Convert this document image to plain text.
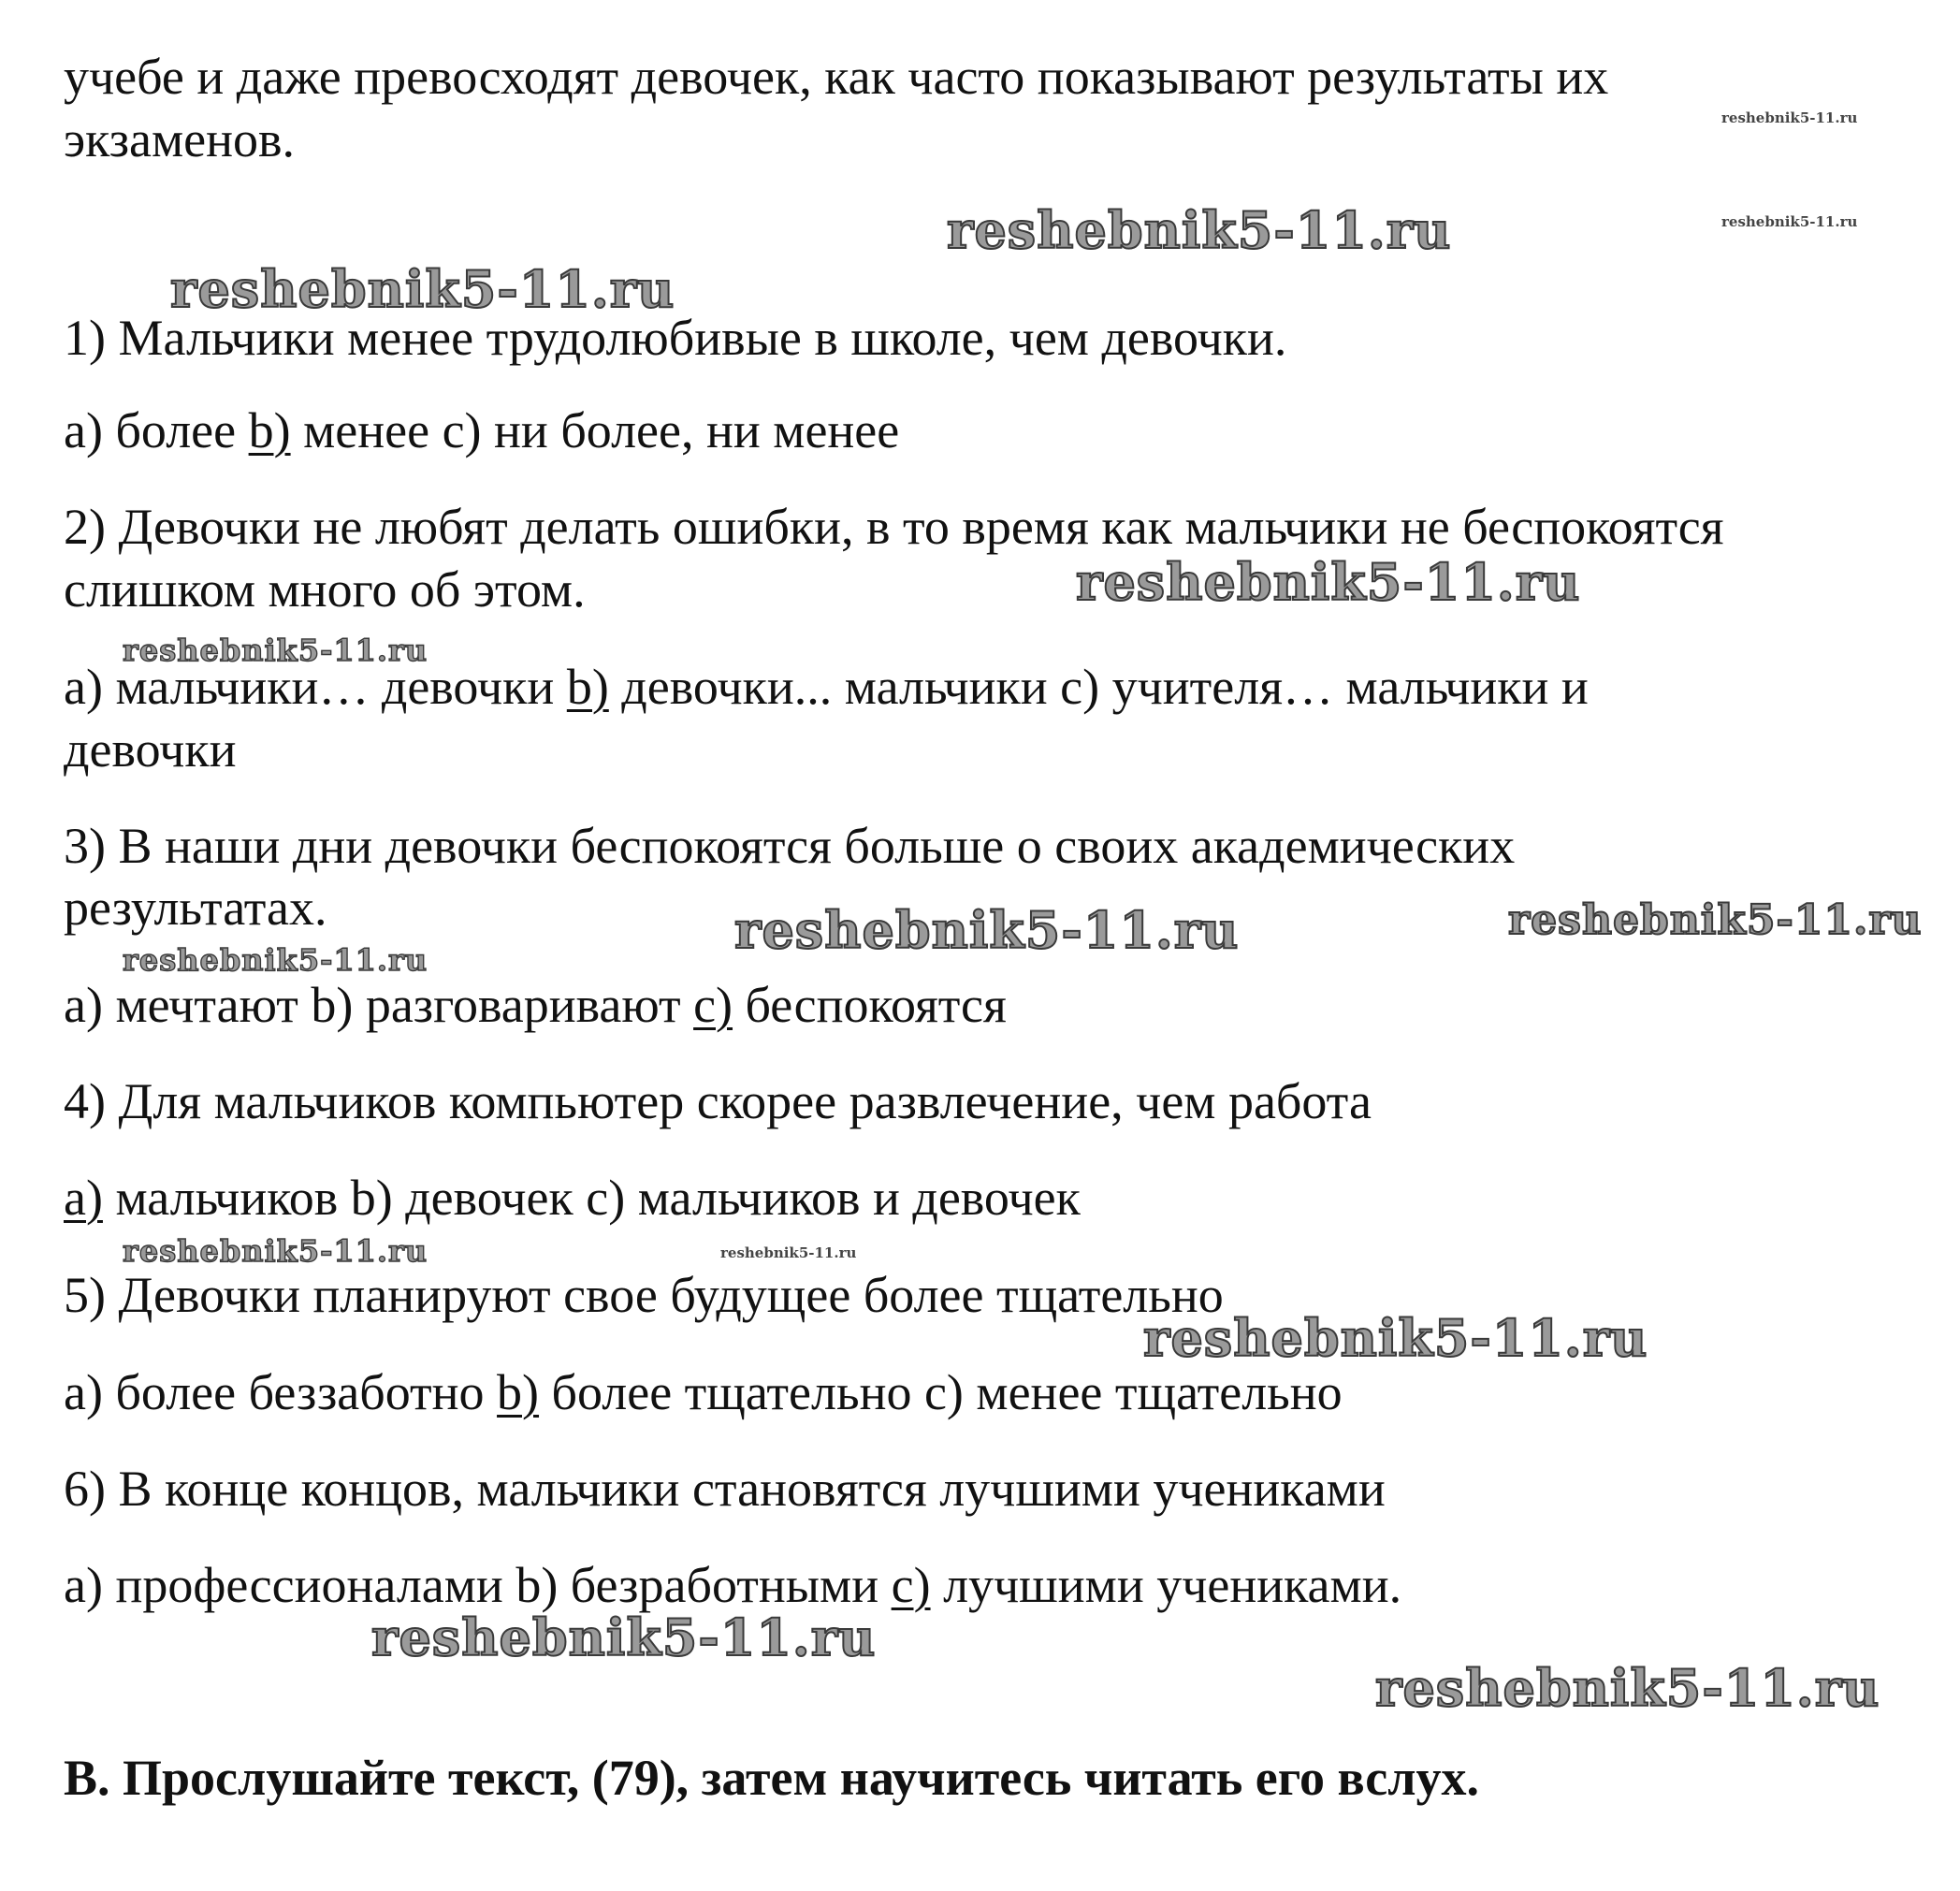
учебе и даже превосходят девочек, как часто показывают результаты их
экзаменов.
1) Мальчики менее трудолюбивые в школе, чем девочки.
a) более b) менее c) ни более, ни менее
2) Девочки не любят делать ошибки, в то время как мальчики не беспокоятся
слишком много об этом.
a) мальчики… девочки b) девочки... мальчики c) учителя… мальчики и
девочки
3) В наши дни девочки беспокоятся больше о своих академических
результатах.
a) мечтают b) разговаривают c) беспокоятся
4) Для мальчиков компьютер скорее развлечение, чем работа
a) мальчиков b) девочек c) мальчиков и девочек
5) Девочки планируют свое будущее более тщательно
a) более беззаботно b) более тщательно c) менее тщательно
6) В конце концов, мальчики становятся лучшими учениками
a) профессионалами b) безработными c) лучшими учениками.
B. Прослушайте текст, (79), затем научитесь читать его вслух.
reshebnik5-11.ru
reshebnik5-11.ru
reshebnik5-11.ru
reshebnik5-11.ru
reshebnik5-11.ru
reshebnik5-11.ru
reshebnik5-11.ru	reshebnik5-11.ru
reshebnik5-11.ru
reshebnik5-11.ru	reshebnik5-11.ru
reshebnik5-11.ru
reshebnik5-11.ru
reshebnik5-11.ru
